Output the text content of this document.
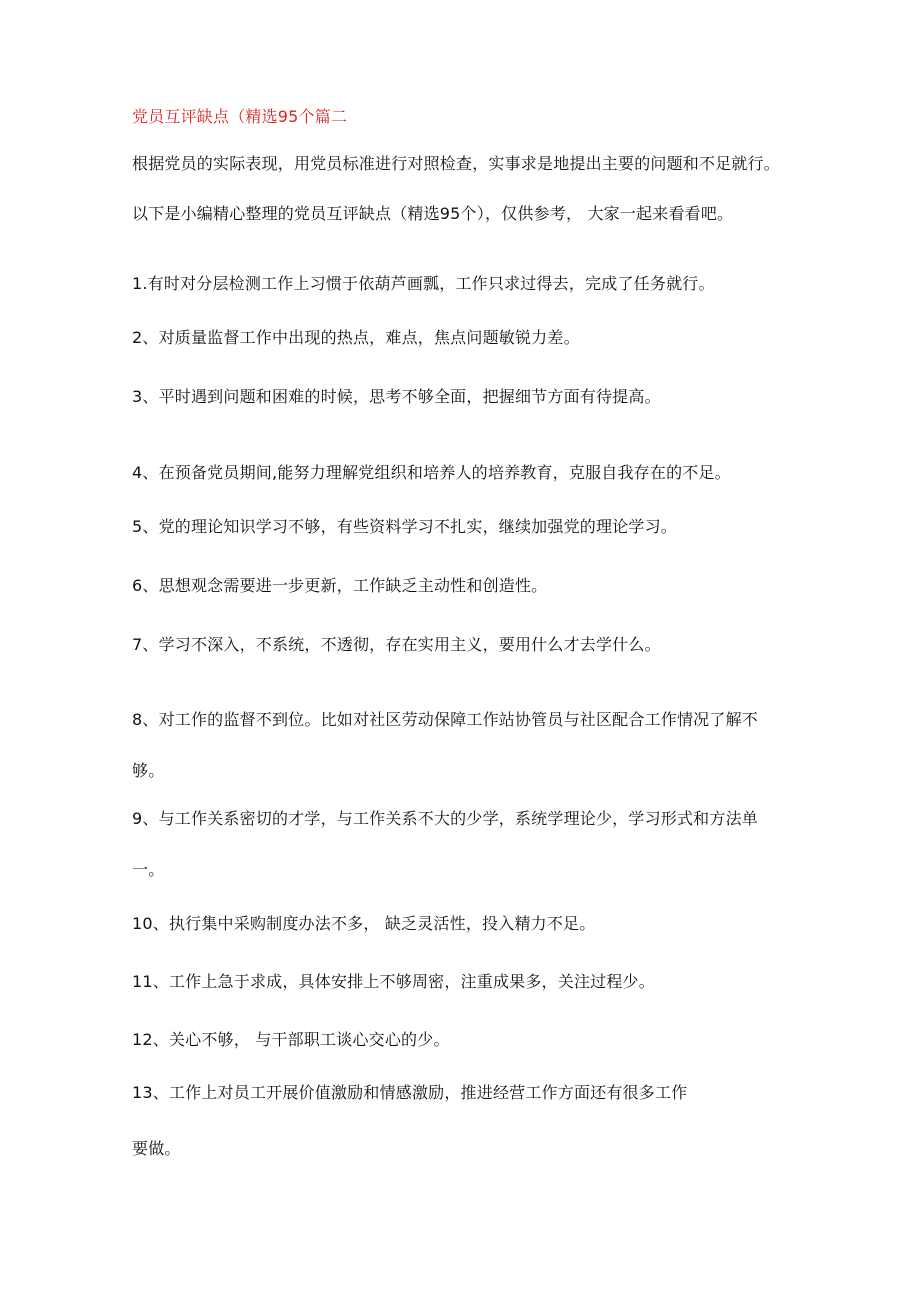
党员互评缺点（精选95个篇二
根据党员的实际表现，用党员标准进行对照检查，实事求是地提出主要的问题和不足就行。
以下是小编精心整理的党员互评缺点（精选95个），仅供参考， 大家一起来看看吧。
1.有时对分层检测工作上习惯于依葫芦画瓢，工作只求过得去，完成了任务就行。
2、对质量监督工作中出现的热点，难点，焦点问题敏锐力差。
3、平时遇到问题和困难的时候，思考不够全面，把握细节方面有待提高。
4、在预备党员期间,能努力理解党组织和培养人的培养教育，克服自我存在的不足。
5、党的理论知识学习不够，有些资料学习不扎实，继续加强党的理论学习。
6、思想观念需要进一步更新，工作缺乏主动性和创造性。
7、学习不深入，不系统，不透彻，存在实用主义，要用什么才去学什么。
8、对工作的监督不到位。比如对社区劳动保障工作站协管员与社区配合工作情况了解不
够。
9、与工作关系密切的才学，与工作关系不大的少学，系统学理论少，学习形式和方法单
一。
10、执行集中采购制度办法不多， 缺乏灵活性，投入精力不足。
11、工作上急于求成，具体安排上不够周密，注重成果多，关注过程少。
12、关心不够， 与干部职工谈心交心的少。
13、工作上对员工开展价值激励和情感激励，推进经营工作方面还有很多工作
要做。
